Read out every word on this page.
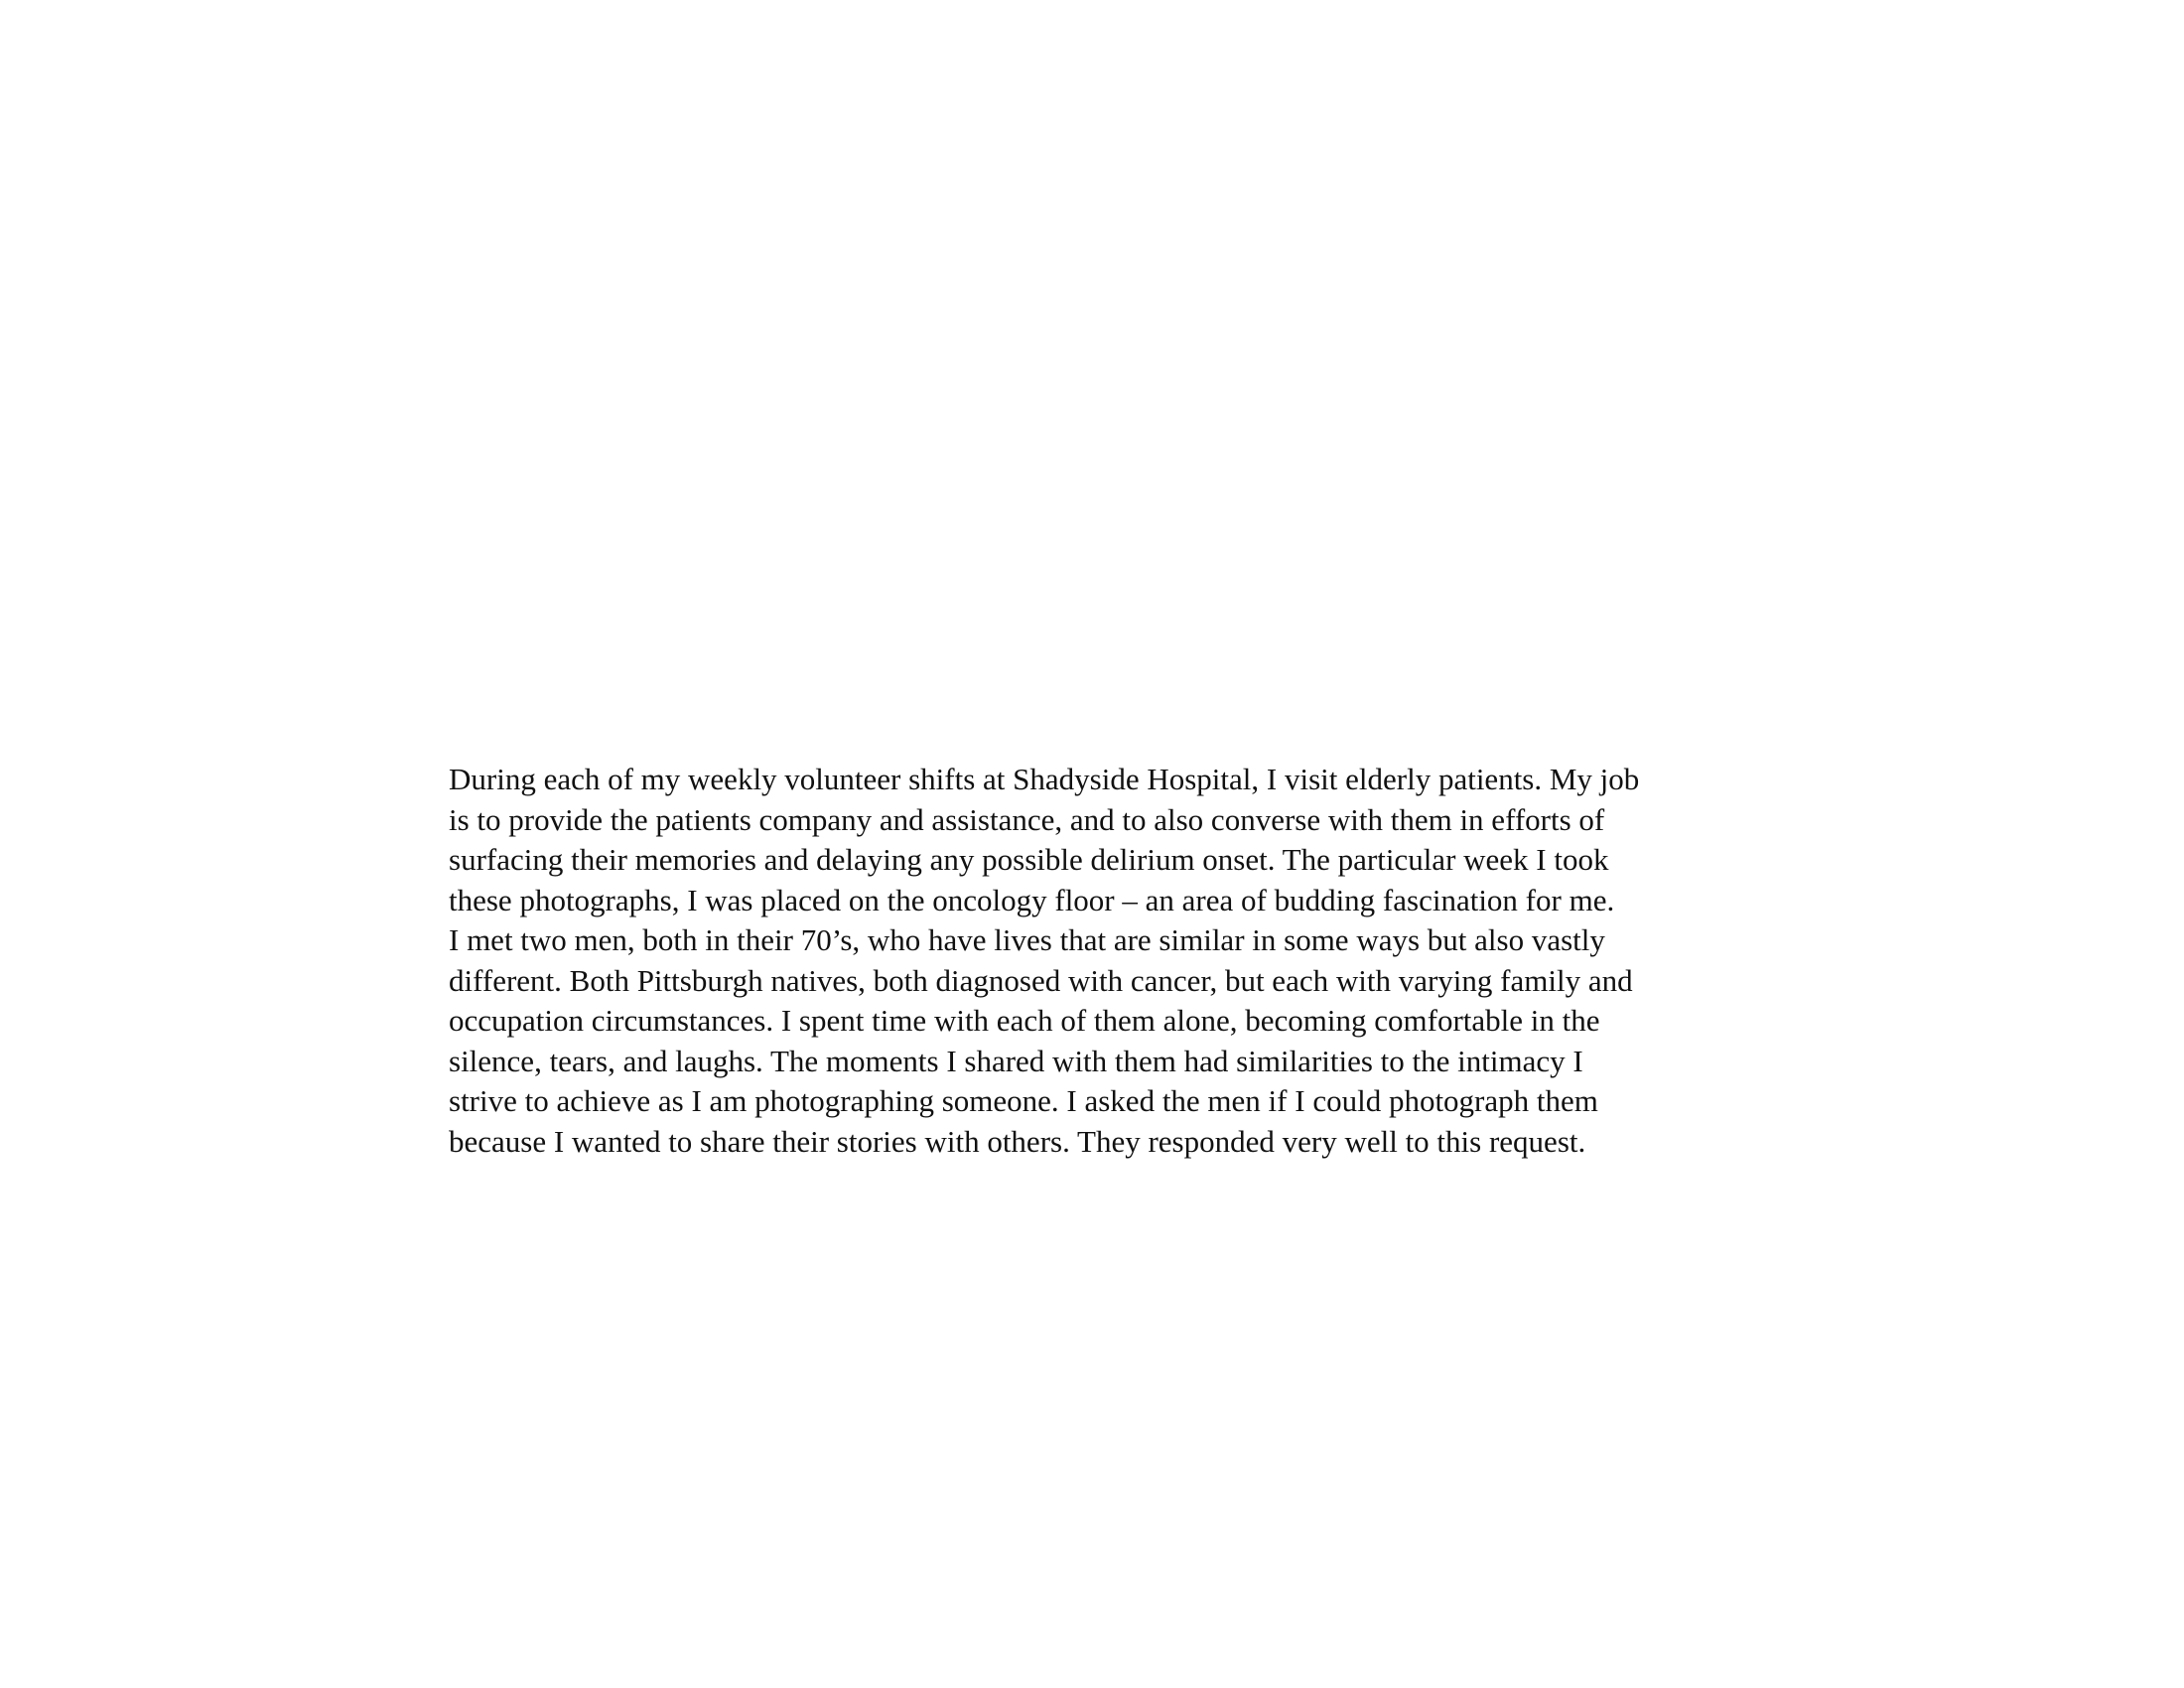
During each of my weekly volunteer shifts at Shadyside Hospital, I visit elderly patients. My job
is to provide the patients company and assistance, and to also converse with them in efforts of
surfacing their memories and delaying any possible delirium onset. The particular week I took
these photographs, I was placed on the oncology floor – an area of budding fascination for me.
I met two men, both in their 70’s, who have lives that are similar in some ways but also vastly
different. Both Pittsburgh natives, both diagnosed with cancer, but each with varying family and
occupation circumstances. I spent time with each of them alone, becoming comfortable in the
silence, tears, and laughs. The moments I shared with them had similarities to the intimacy I
strive to achieve as I am photographing someone. I asked the men if I could photograph them
because I wanted to share their stories with others. They responded very well to this request.
